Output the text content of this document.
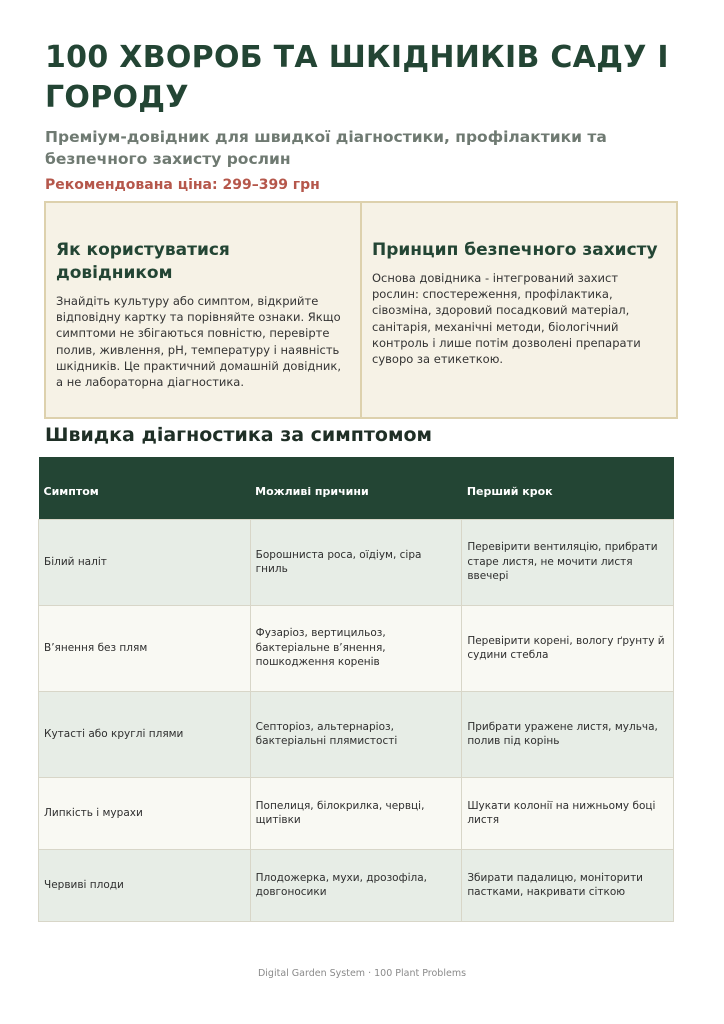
100 ХВОРОБ ТА ШКІДНИКІВ САДУ І ГОРОДУ

Преміум-довідник для швидкої діагностики, профілактики та безпечного захисту рослин

Рекомендована ціна: 299–399 грн
Як користуватися довідником

Знайдіть культуру або симптом, відкрийте відповідну картку та порівняйте ознаки. Якщо симптоми не збігаються повністю, перевірте полив, живлення, pH, температуру і наявність шкідників. Це практичний домашній довідник, а не лабораторна діагностика.

Принцип безпечного захисту

Основа довідника - інтегрований захист рослин: спостереження, профілактика, сівозміна, здоровий посадковий матеріал, санітарія, механічні методи, біологічний контроль і лише потім дозволені препарати суворо за етикеткою.

Швидка діагностика за симптомом
Симптом	Можливі причини	Перший крок
Білий наліт	Борошниста роса, оїдіум, сіра гниль	Перевірити вентиляцію, прибрати старе листя, не мочити листя ввечері
В’янення без плям	Фузаріоз, вертицильоз, бактеріальне в’янення, пошкодження коренів	Перевірити корені, вологу ґрунту й судини стебла
Кутасті або круглі плями	Септоріоз, альтернаріоз, бактеріальні плямистості	Прибрати уражене листя, мульча, полив під корінь
Липкість і мурахи	Попелиця, білокрилка, червці, щитівки	Шукати колонії на нижньому боці листя
Червиві плоди	Плодожерка, мухи, дрозофіла, довгоносики	Збирати падалицю, моніторити пастками, накривати сіткою
Digital Garden System · 100 Plant Problems
